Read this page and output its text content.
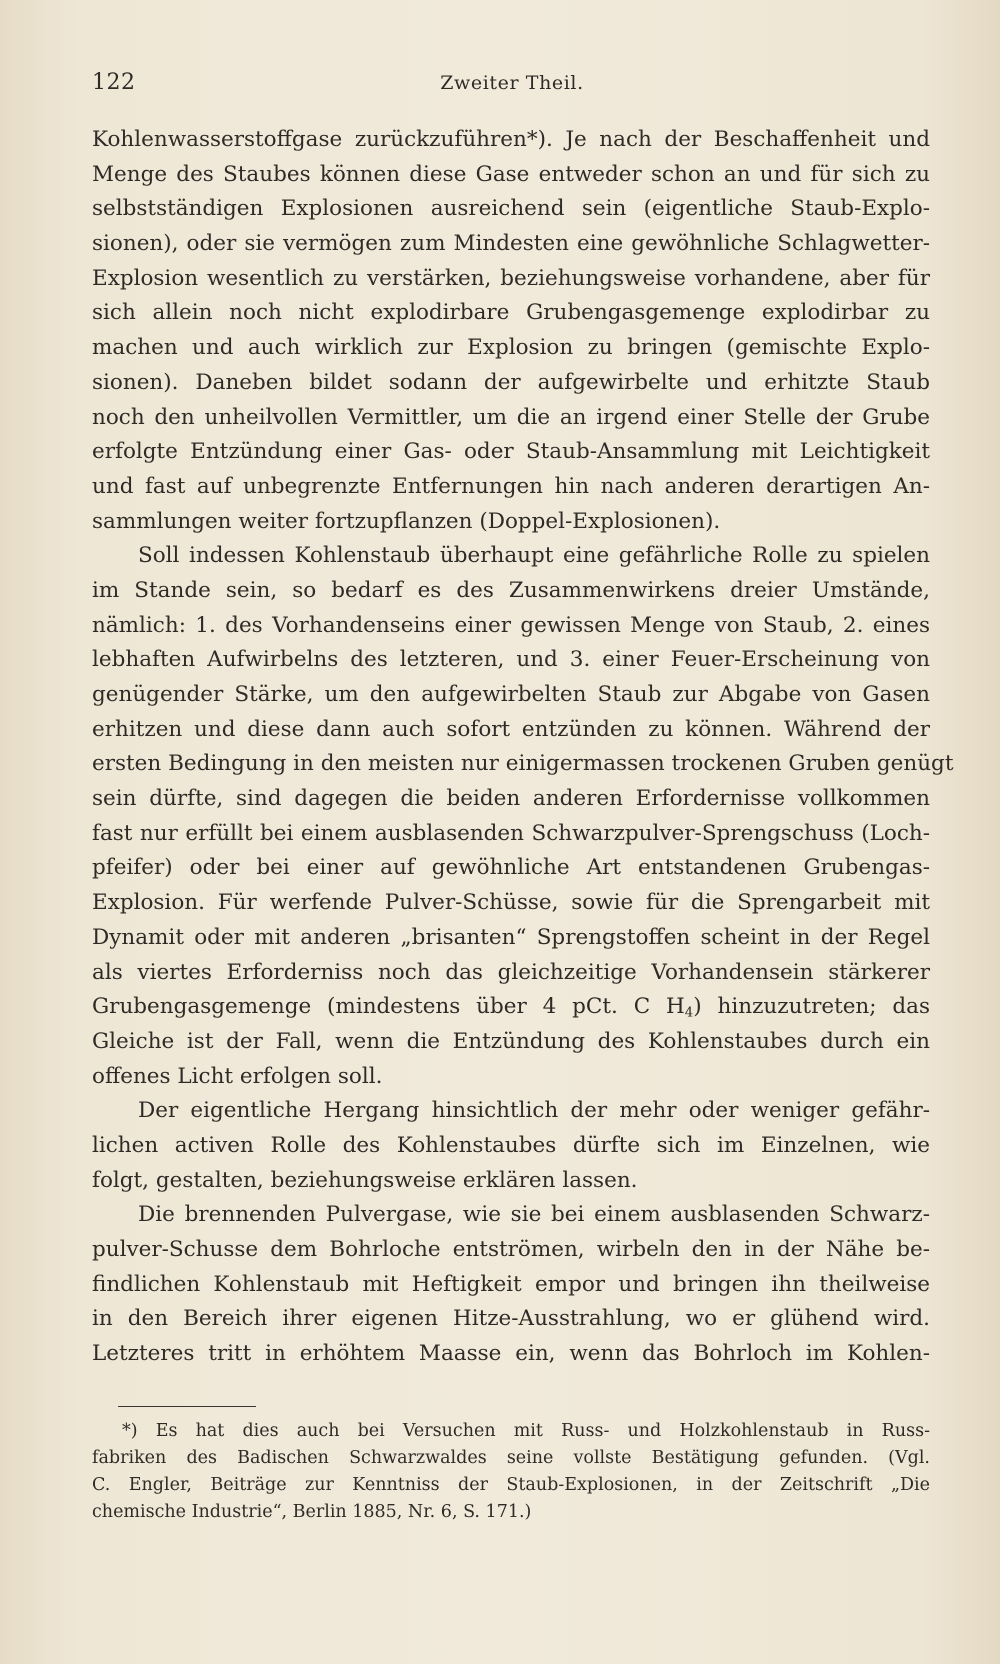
122	Zweiter Theil.
Kohlenwasserstoffgase zurückzuführen*). Je nach der Beschaffenheit und
Menge des Staubes können diese Gase entweder schon an und für sich zu
selbstständigen Explosionen ausreichend sein (eigentliche Staub-Explo-
sionen), oder sie vermögen zum Mindesten eine gewöhnliche Schlagwetter-
Explosion wesentlich zu verstärken, beziehungsweise vorhandene, aber für
sich allein noch nicht explodirbare Grubengasgemenge explodirbar zu
machen und auch wirklich zur Explosion zu bringen (gemischte Explo-
sionen). Daneben bildet sodann der aufgewirbelte und erhitzte Staub
noch den unheilvollen Vermittler, um die an irgend einer Stelle der Grube
erfolgte Entzündung einer Gas- oder Staub-Ansammlung mit Leichtigkeit
und fast auf unbegrenzte Entfernungen hin nach anderen derartigen An-
sammlungen weiter fortzupflanzen (Doppel-Explosionen).
Soll indessen Kohlenstaub überhaupt eine gefährliche Rolle zu spielen
im Stande sein, so bedarf es des Zusammenwirkens dreier Umstände,
nämlich: 1. des Vorhandenseins einer gewissen Menge von Staub, 2. eines
lebhaften Aufwirbelns des letzteren, und 3. einer Feuer-Erscheinung von
genügender Stärke, um den aufgewirbelten Staub zur Abgabe von Gasen
erhitzen und diese dann auch sofort entzünden zu können. Während der
ersten Bedingung in den meisten nur einigermassen trockenen Gruben genügt
sein dürfte, sind dagegen die beiden anderen Erfordernisse vollkommen
fast nur erfüllt bei einem ausblasenden Schwarzpulver-Sprengschuss (Loch-
pfeifer) oder bei einer auf gewöhnliche Art entstandenen Grubengas-
Explosion. Für werfende Pulver-Schüsse, sowie für die Sprengarbeit mit
Dynamit oder mit anderen „brisanten“ Sprengstoffen scheint in der Regel
als viertes Erforderniss noch das gleichzeitige Vorhandensein stärkerer
Grubengasgemenge (mindestens über 4 pCt. C $H_4$) hinzuzutreten; das
Gleiche ist der Fall, wenn die Entzündung des Kohlenstaubes durch ein
offenes Licht erfolgen soll.
Der eigentliche Hergang hinsichtlich der mehr oder weniger gefähr-
lichen activen Rolle des Kohlenstaubes dürfte sich im Einzelnen, wie
folgt, gestalten, beziehungsweise erklären lassen.
Die brennenden Pulvergase, wie sie bei einem ausblasenden Schwarz-
pulver-Schusse dem Bohrloche entströmen, wirbeln den in der Nähe be-
findlichen Kohlenstaub mit Heftigkeit empor und bringen ihn theilweise
in den Bereich ihrer eigenen Hitze-Ausstrahlung, wo er glühend wird.
Letzteres tritt in erhöhtem Maasse ein, wenn das Bohrloch im Kohlen-
*) Es hat dies auch bei Versuchen mit Russ- und Holzkohlenstaub in Russ-
fabriken des Badischen Schwarzwaldes seine vollste Bestätigung gefunden. (Vgl.
C. Engler, Beiträge zur Kenntniss der Staub-Explosionen, in der Zeitschrift „Die
chemische Industrie“, Berlin 1885, Nr. 6, S. 171.)
